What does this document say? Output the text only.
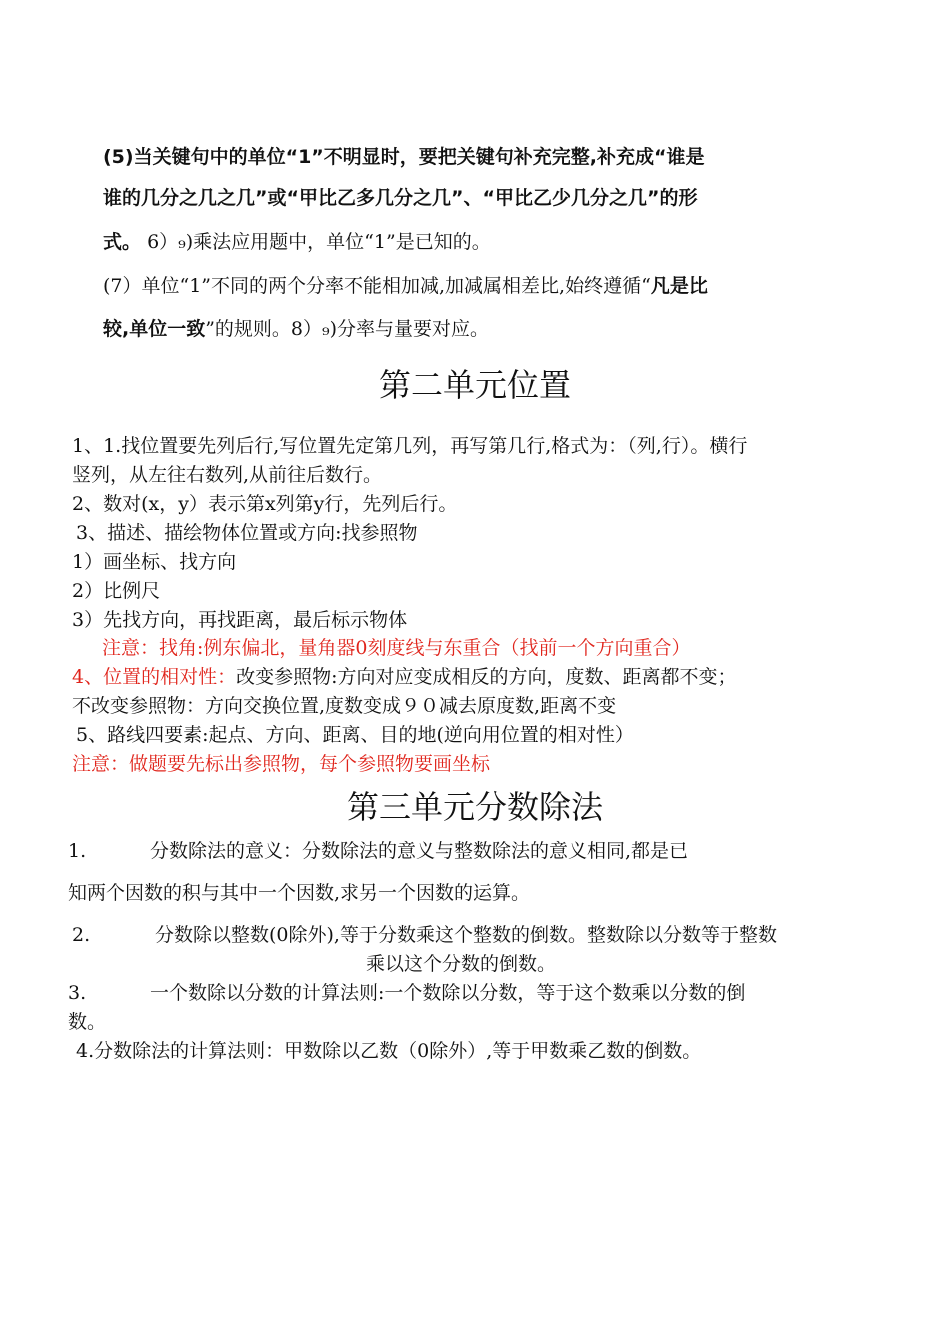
(5)当关键句中的单位“1”不明显时，要把关键句补充完整,补充成“谁是
谁的几分之几之几”或“甲比乙多几分之几”、“甲比乙少几分之几”的形
式。 6）₉)乘法应用题中，单位“1”是已知的。
(7）单位“1”不同的两个分率不能相加减,加减属相差比,始终遵循“凡是比
较,单位一致”的规则。8）₉)分率与量要对应。
第二单元位置
1、1.找位置要先列后行,写位置先定第几列，再写第几行,格式为：（列,行）。横行
竖列，从左往右数列,从前往后数行。
2、数对(x，y）表示第x列第y行，先列后行。
3、描述、描绘物体位置或方向:找参照物
1）画坐标、找方向
2）比例尺
3）先找方向，再找距离，最后标示物体
注意：找角:例东偏北，量角器0刻度线与东重合（找前一个方向重合）
4、位置的相对性：改变参照物:方向对应变成相反的方向，度数、距离都不变；
不改变参照物：方向交换位置,度数变成９０减去原度数,距离不变
5、路线四要素:起点、方向、距离、目的地(逆向用位置的相对性）
注意：做题要先标出参照物，每个参照物要画坐标
第三单元分数除法
1.	分数除法的意义：分数除法的意义与整数除法的意义相同,都是已
知两个因数的积与其中一个因数,求另一个因数的运算。
2.	分数除以整数(0除外),等于分数乘这个整数的倒数。整数除以分数等于整数
乘以这个分数的倒数。
3.	一个数除以分数的计算法则:一个数除以分数，等于这个数乘以分数的倒
数。
4.分数除法的计算法则：甲数除以乙数（0除外）,等于甲数乘乙数的倒数。
